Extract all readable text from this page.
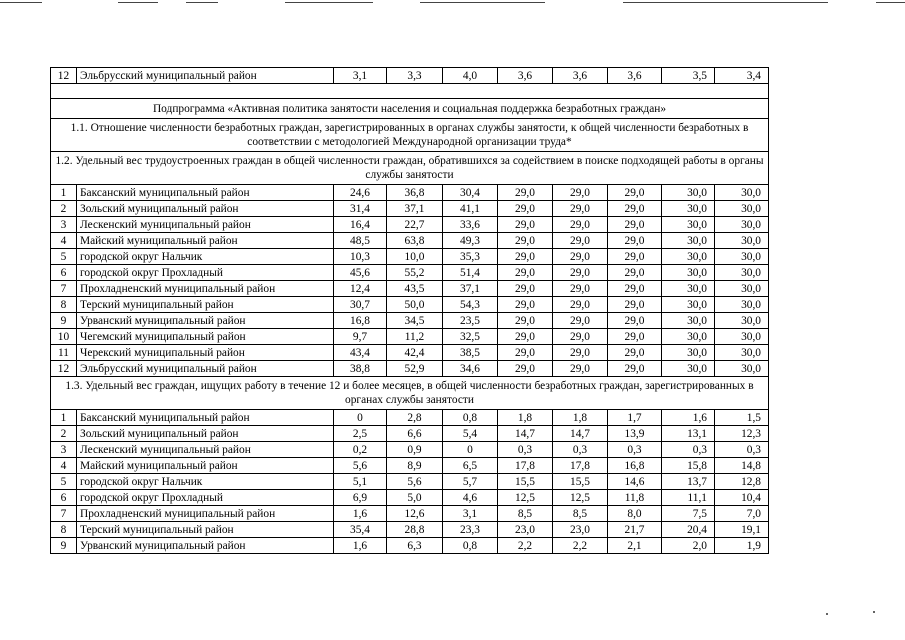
12	Эльбрусский муниципальный район	3,1	3,3	4,0	3,6	3,6	3,6	3,5	3,4

Подпрограмма «Активная политика занятости населения и социальная поддержка безработных граждан»									
1.1. Отношение численности безработных граждан, зарегистрированных в органах службы занятости, к общей численности безработных в соответствии с методологией Международной организации труда*									
1.2. Удельный вес трудоустроенных граждан в общей численности граждан, обратившихся за содействием в поиске подходящей работы в органы службы занятости									
1	Баксанский муниципальный район	24,6	36,8	30,4	29,0	29,0	29,0	30,0	30,0
2	Зольский муниципальный район	31,4	37,1	41,1	29,0	29,0	29,0	30,0	30,0
3	Лескенский муниципальный район	16,4	22,7	33,6	29,0	29,0	29,0	30,0	30,0
4	Майский муниципальный район	48,5	63,8	49,3	29,0	29,0	29,0	30,0	30,0
5	городской округ Нальчик	10,3	10,0	35,3	29,0	29,0	29,0	30,0	30,0
6	городской округ Прохладный	45,6	55,2	51,4	29,0	29,0	29,0	30,0	30,0
7	Прохладненский муниципальный район	12,4	43,5	37,1	29,0	29,0	29,0	30,0	30,0
8	Терский муниципальный район	30,7	50,0	54,3	29,0	29,0	29,0	30,0	30,0
9	Урванский муниципальный район	16,8	34,5	23,5	29,0	29,0	29,0	30,0	30,0
10	Чегемский муниципальный район	9,7	11,2	32,5	29,0	29,0	29,0	30,0	30,0
11	Черекский муниципальный район	43,4	42,4	38,5	29,0	29,0	29,0	30,0	30,0
12	Эльбрусский муниципальный район	38,8	52,9	34,6	29,0	29,0	29,0	30,0	30,0
1.3. Удельный вес граждан, ищущих работу в течение 12 и более месяцев, в общей численности безработных граждан, зарегистрированных в органах службы занятости									
1	Баксанский муниципальный район	0	2,8	0,8	1,8	1,8	1,7	1,6	1,5
2	Зольский муниципальный район	2,5	6,6	5,4	14,7	14,7	13,9	13,1	12,3
3	Лескенский муниципальный район	0,2	0,9	0	0,3	0,3	0,3	0,3	0,3
4	Майский муниципальный район	5,6	8,9	6,5	17,8	17,8	16,8	15,8	14,8
5	городской округ Нальчик	5,1	5,6	5,7	15,5	15,5	14,6	13,7	12,8
6	городской округ Прохладный	6,9	5,0	4,6	12,5	12,5	11,8	11,1	10,4
7	Прохладненский муниципальный район	1,6	12,6	3,1	8,5	8,5	8,0	7,5	7,0
8	Терский муниципальный район	35,4	28,8	23,3	23,0	23,0	21,7	20,4	19,1
9	Урванский муниципальный район	1,6	6,3	0,8	2,2	2,2	2,1	2,0	1,9
